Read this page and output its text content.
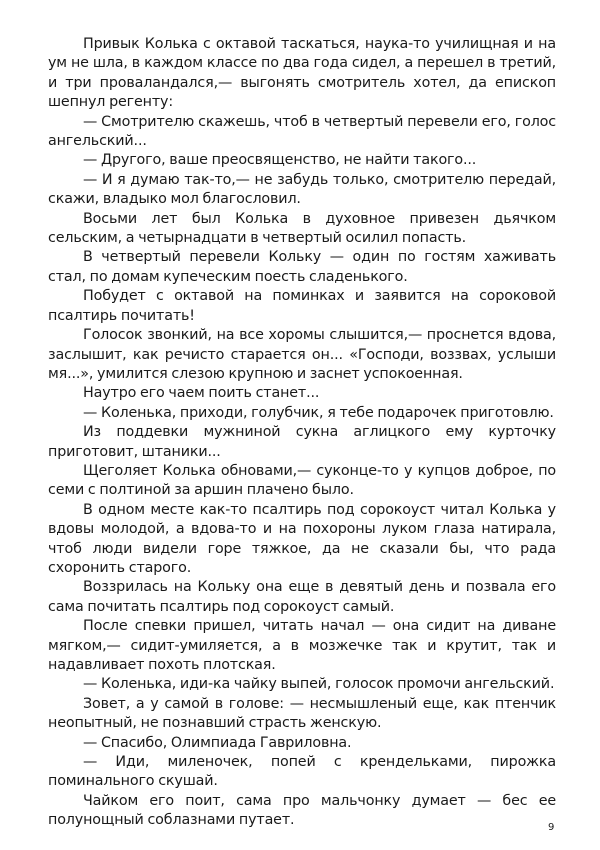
Привык Колька с октавой таскаться, наука-то училищная и на ум не шла, в каждом классе по два года сидел, а перешел в третий, и три проваландался,— выгонять смотритель хотел, да епископ шепнул регенту:

— Смотрителю скажешь, чтоб в четвертый перевели его, голос ангельский...

— Другого, ваше преосвященство, не найти такого...

— И я думаю так-то,— не забудь только, смотрителю передай, скажи, владыко мол благословил.

Восьми лет был Колька в духовное привезен дьячком сельским, а четырнадцати в четвертый осилил попасть.

В четвертый перевели Кольку — один по гостям хаживать стал, по домам купеческим поесть сладенького.

Побудет с октавой на поминках и заявится на сороковой псалтирь почитать!

Голосок звонкий, на все хоромы слышится,— проснется вдова, заслышит, как речисто старается он... «Господи, воззвах, услыши мя...», умилится слезою крупною и заснет успокоенная.

Наутро его чаем поить станет...

— Коленька, приходи, голубчик, я тебе подарочек приготовлю.

Из поддевки мужниной сукна аглицкого ему курточку приготовит, штаники...

Щеголяет Колька обновами,— суконце-то у купцов доброе, по семи с полтиной за аршин плачено было.

В одном месте как-то псалтирь под сорокоуст читал Колька у вдовы молодой, а вдова-то и на похороны луком глаза натирала, чтоб люди видели горе тяжкое, да не сказали бы, что рада схоронить старого.

Воззрилась на Кольку она еще в девятый день и позвала его сама почитать псалтирь под сорокоуст самый.

После спевки пришел, читать начал — она сидит на диване мягком,— сидит-умиляется, а в мозжечке так и крутит, так и надавливает похоть плотская.

— Коленька, иди-ка чайку выпей, голосок промочи ангельский.

Зовет, а у самой в голове: — несмышленый еще, как птенчик неопытный, не познавший страсть женскую.

— Спасибо, Олимпиада Гавриловна.

— Иди, миленочек, попей с крендельками, пирожка поминального скушай.

Чайком его поит, сама про мальчонку думает — бес ее полунощный соблазнами путает.	9
